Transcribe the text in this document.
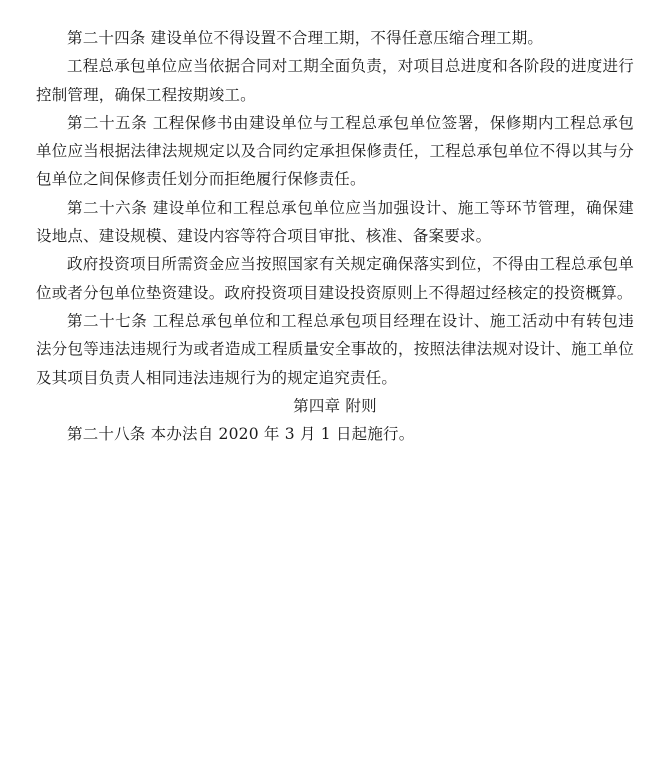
第二十四条 建设单位不得设置不合理工期，不得任意压缩合理工期。

工程总承包单位应当依据合同对工期全面负责，对项目总进度和各阶段的进度进行控制管理，确保工程按期竣工。

第二十五条 工程保修书由建设单位与工程总承包单位签署，保修期内工程总承包单位应当根据法律法规规定以及合同约定承担保修责任，工程总承包单位不得以其与分包单位之间保修责任划分而拒绝履行保修责任。

第二十六条 建设单位和工程总承包单位应当加强设计、施工等环节管理，确保建设地点、建设规模、建设内容等符合项目审批、核准、备案要求。

政府投资项目所需资金应当按照国家有关规定确保落实到位，不得由工程总承包单位或者分包单位垫资建设。政府投资项目建设投资原则上不得超过经核定的投资概算。

第二十七条 工程总承包单位和工程总承包项目经理在设计、施工活动中有转包违法分包等违法违规行为或者造成工程质量安全事故的，按照法律法规对设计、施工单位及其项目负责人相同违法违规行为的规定追究责任。

第四章 附则

第二十八条 本办法自 2020 年 3 月 1 日起施行。
